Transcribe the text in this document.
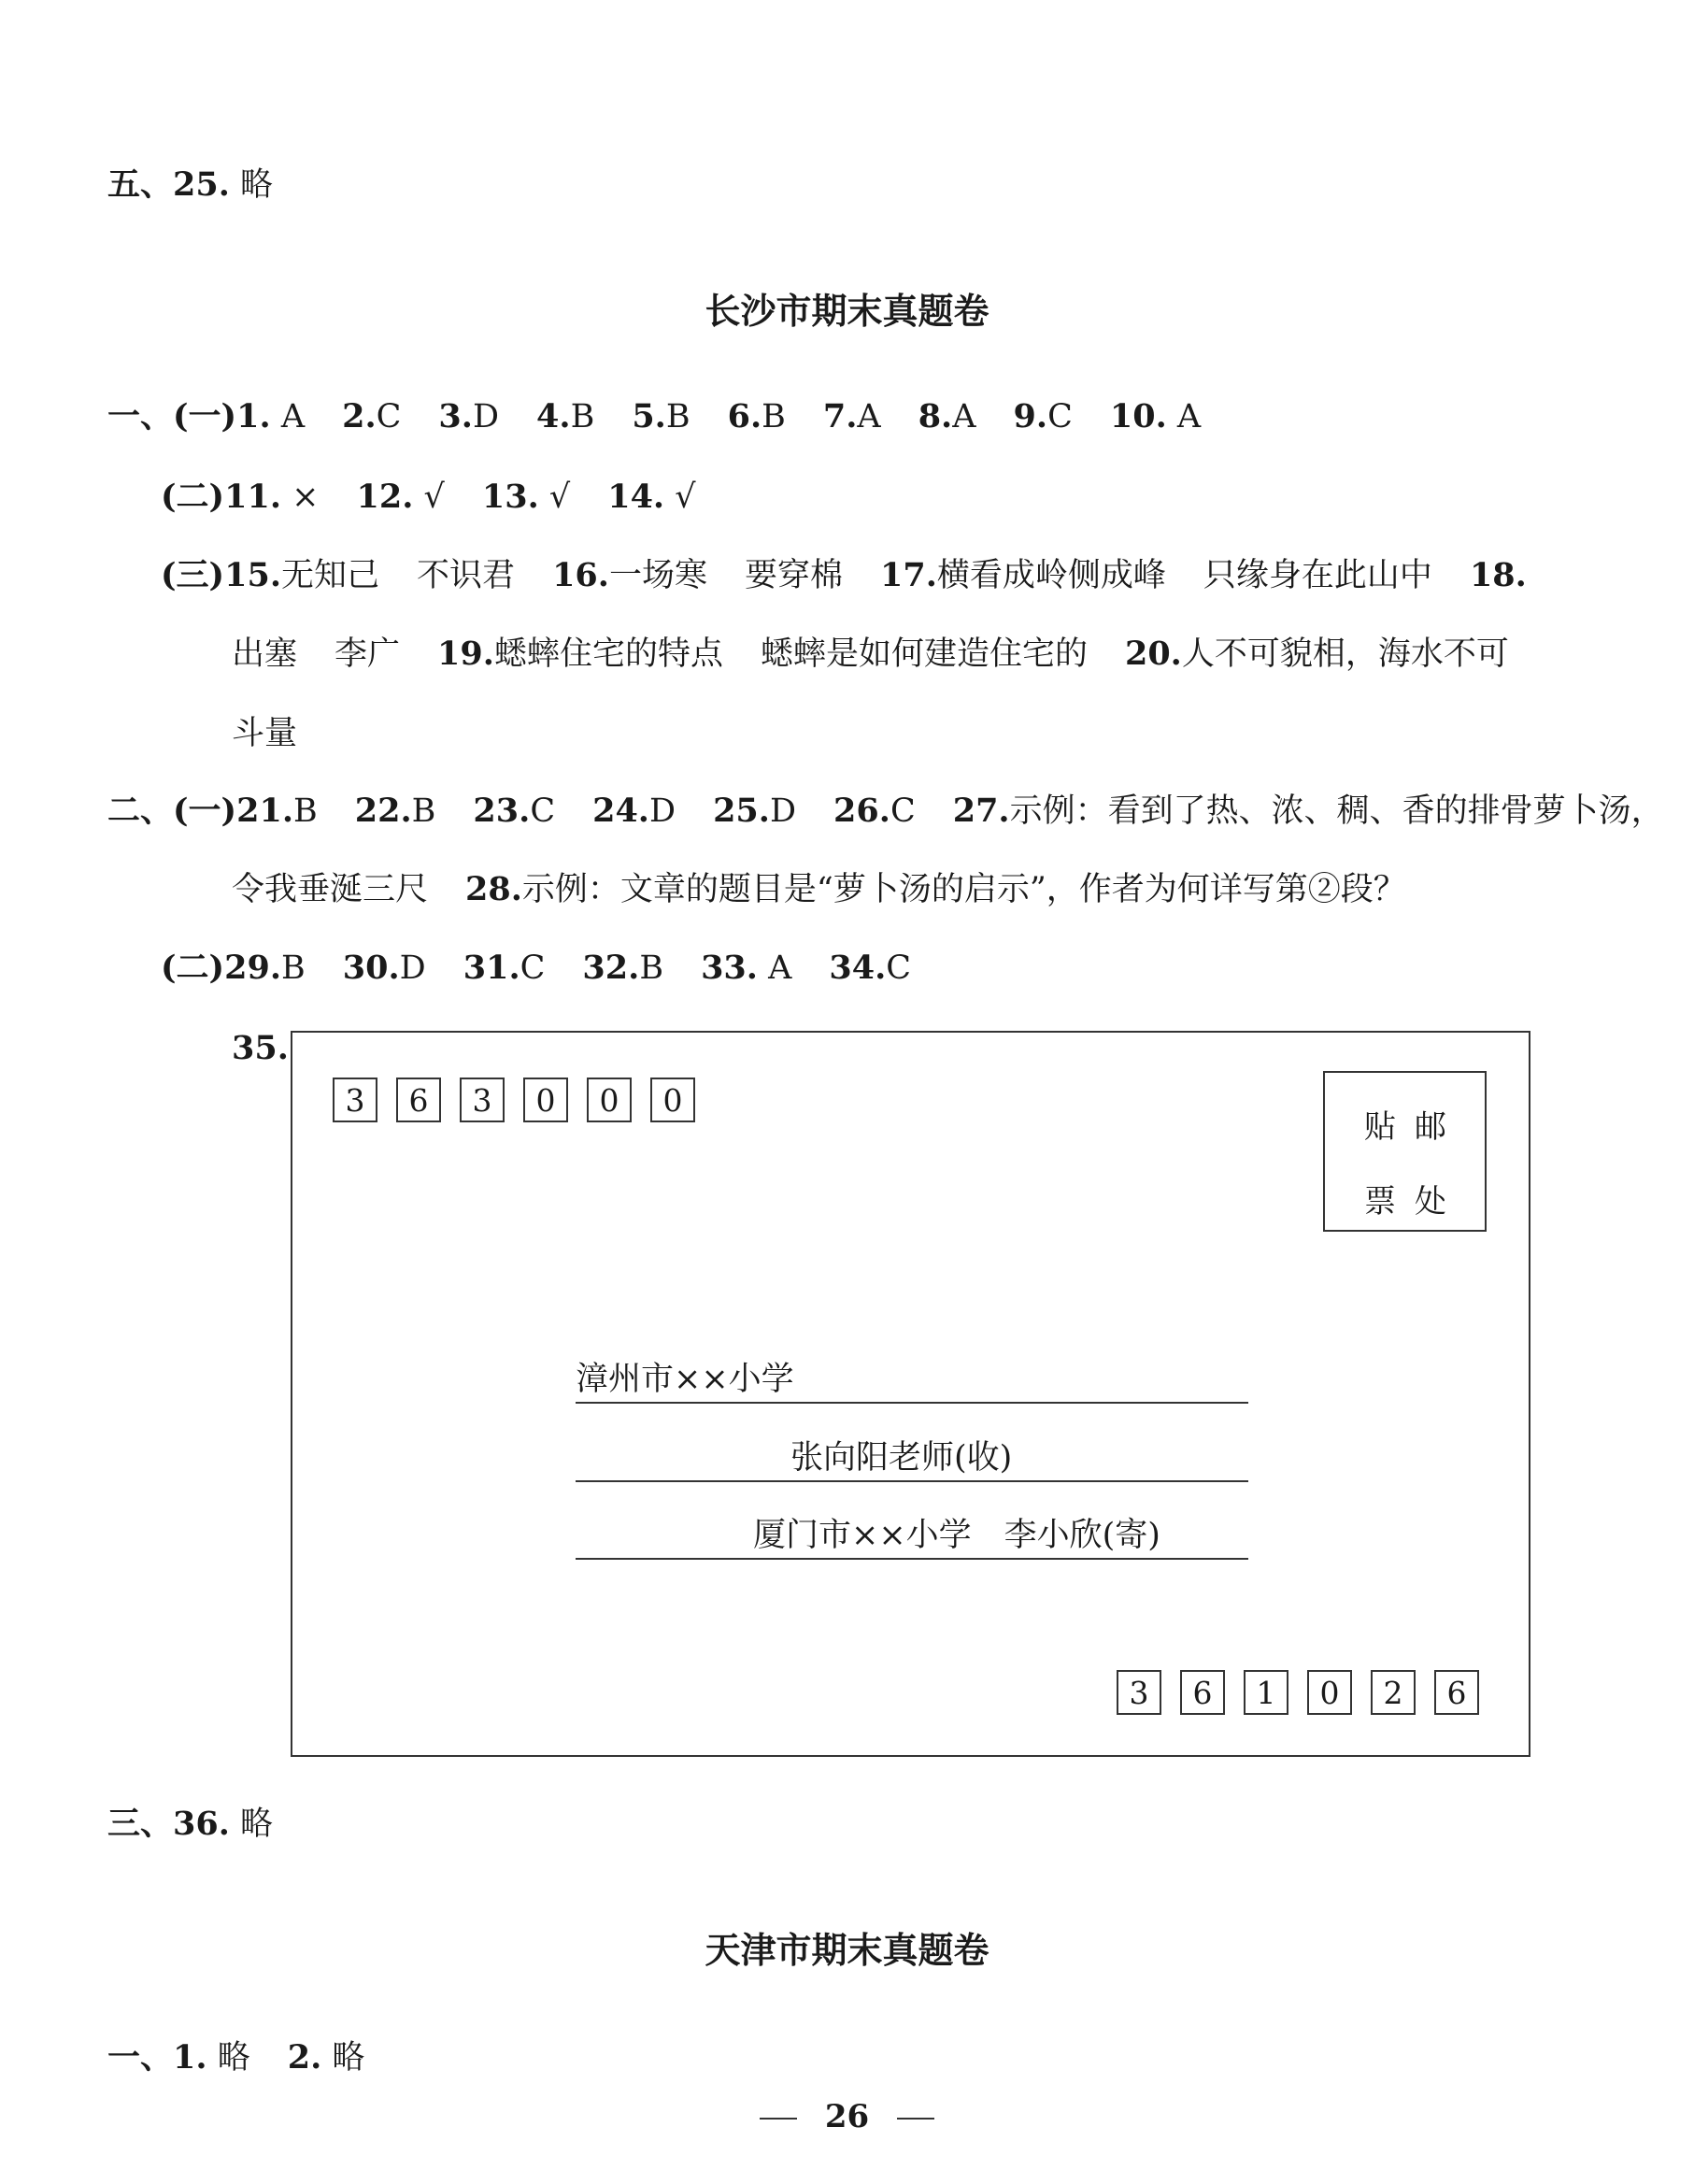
五、25. 略
长沙市期末真题卷
一、(一)1. A 2.C 3.D 4.B 5.B 6.B 7.A 8.A 9.C 10. A
(二)11. × 12. √ 13. √ 14. √
(三)15.无知己 不识君 16.一场寒 要穿棉 17.横看成岭侧成峰 只缘身在此山中 18.
出塞 李广 19.蟋蟀住宅的特点 蟋蟀是如何建造住宅的 20.人不可貌相，海水不可
斗量
二、(一)21.B 22.B 23.C 24.D 25.D 26.C 27.示例：看到了热、浓、稠、香的排骨萝卜汤，
令我垂涎三尺 28.示例：文章的题目是“萝卜汤的启示”，作者为何详写第②段？
(二)29.B 30.D 31.C 32.B 33. A 34.C
35.
3	6	3	0	0	0
贴 邮
票 处
漳州市××小学
张向阳老师(收)
厦门市××小学　李小欣(寄)
3	6	1	0	2	6
三、36. 略
天津市期末真题卷
一、1. 略 2. 略
26
